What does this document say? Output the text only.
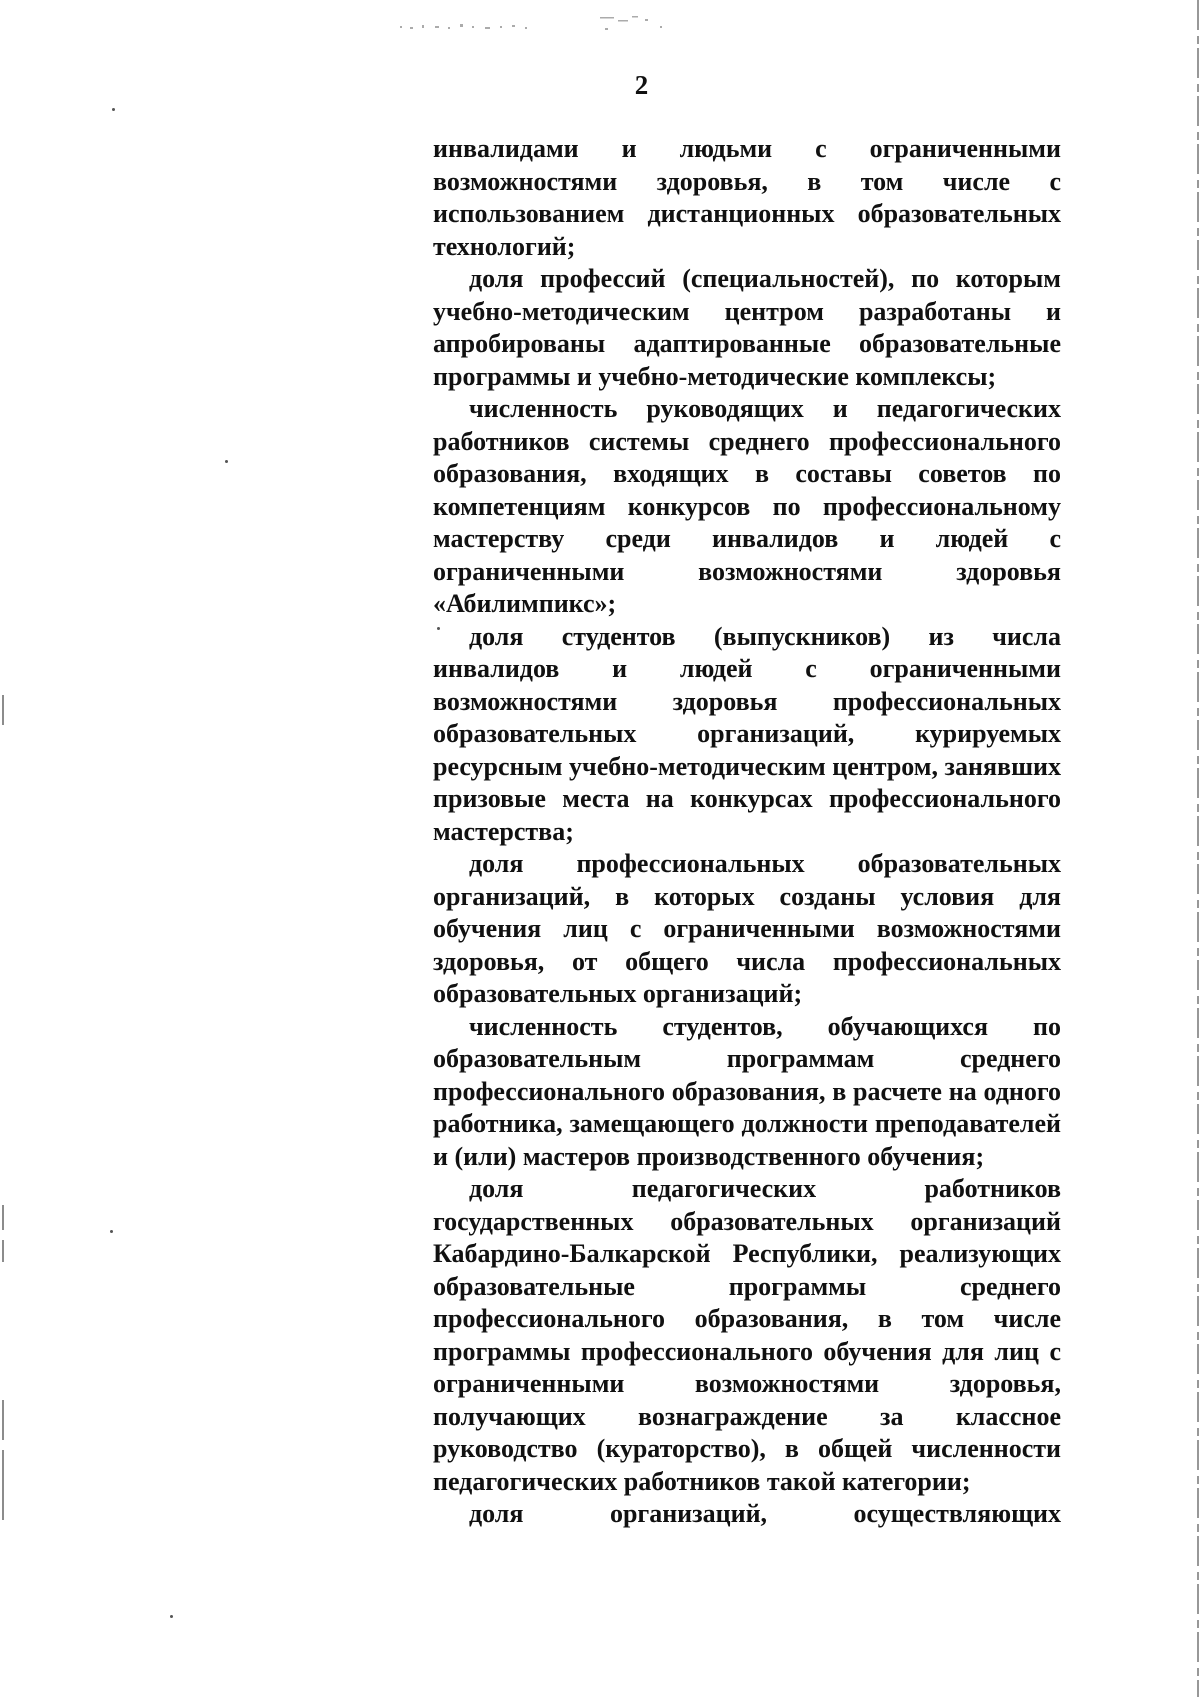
2

инвалидами и людьми с ограниченными возможностями здоровья, в том числе с использованием дистанционных образовательных технологий;

доля профессий (специальностей), по которым учебно-методическим центром разработаны и апробированы адаптированные образовательные программы и учебно-методические комплексы;

численность руководящих и педагогических работников системы среднего профессионального образования, входящих в составы советов по компетенциям конкурсов по профессиональному мастерству среди инвалидов и людей с ограниченными возможностями здоровья «Абилимпикс»;

доля студентов (выпускников) из числа инвалидов и людей с ограниченными возможностями здоровья профессиональных образовательных организаций, курируемых ресурсным учебно-методическим центром, занявших призовые места на конкурсах профессионального мастерства;

доля профессиональных образовательных организаций, в которых созданы условия для обучения лиц с ограниченными возможностями здоровья, от общего числа профессиональных образовательных организаций;

численность студентов, обучающихся по образовательным программам среднего профессионального образования, в расчете на одного работника, замещающего должности преподавателей и (или) мастеров производственного обучения;

доля педагогических работников государственных образовательных организаций Кабардино-Балкарской Республики, реализующих образовательные программы среднего профессионального образования, в том числе программы профессионального обучения для лиц с ограниченными возможностями здоровья, получающих вознаграждение за классное руководство (кураторство), в общей численности педагогических работников такой категории;

доля организаций, осуществляющих
